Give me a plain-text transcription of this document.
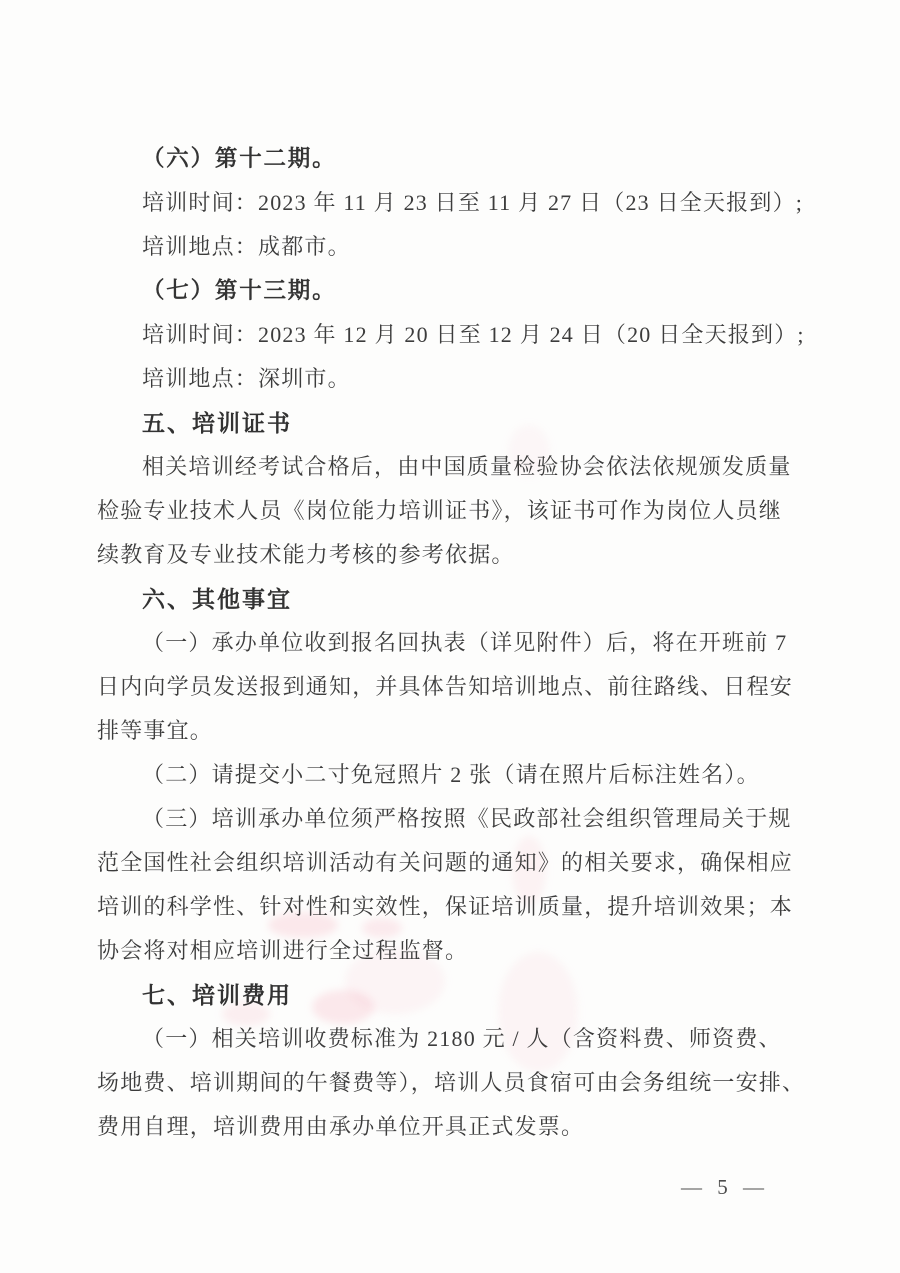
（六）第十二期。
培训时间：2023 年 11 月 23 日至 11 月 27 日（23 日全天报到）;
培训地点：成都市。
（七）第十三期。
培训时间：2023 年 12 月 20 日至 12 月 24 日（20 日全天报到）;
培训地点：深圳市。
五、培训证书
相关培训经考试合格后，由中国质量检验协会依法依规颁发质量
检验专业技术人员《岗位能力培训证书》，该证书可作为岗位人员继
续教育及专业技术能力考核的参考依据。
六、其他事宜
（一）承办单位收到报名回执表（详见附件）后，将在开班前 7
日内向学员发送报到通知，并具体告知培训地点、前往路线、日程安
排等事宜。
（二）请提交小二寸免冠照片 2 张（请在照片后标注姓名）。
（三）培训承办单位须严格按照《民政部社会组织管理局关于规
范全国性社会组织培训活动有关问题的通知》的相关要求，确保相应
培训的科学性、针对性和实效性，保证培训质量，提升培训效果；本
协会将对相应培训进行全过程监督。
七、培训费用
（一）相关培训收费标准为 2180 元 / 人（含资料费、师资费、
场地费、培训期间的午餐费等），培训人员食宿可由会务组统一安排、
费用自理，培训费用由承办单位开具正式发票。
— 5 —
